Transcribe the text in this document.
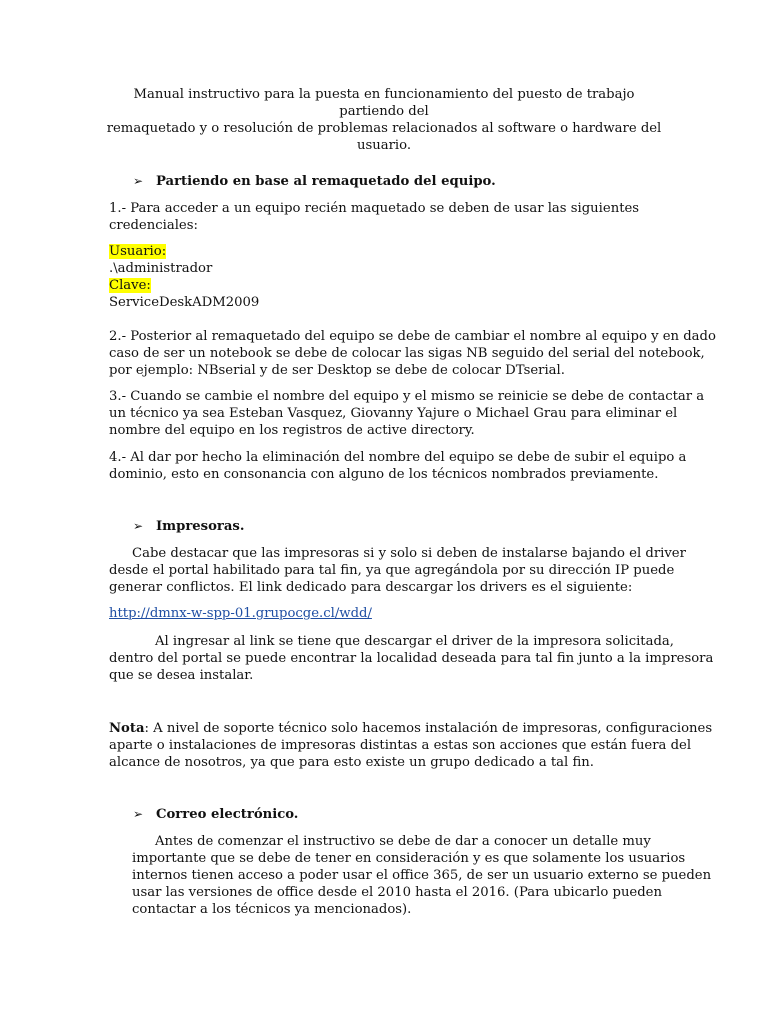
Manual instructivo para la puesta en funcionamiento del puesto de trabajo partiendo del
remaquetado y o resolución de problemas relacionados al software o hardware del
usuario.
➢ Partiendo en base al remaquetado del equipo.
1.- Para acceder a un equipo recién maquetado se deben de usar las siguientes
credenciales:
Usuario:
.\administrador
Clave:
ServiceDeskADM2009
2.- Posterior al remaquetado del equipo se debe de cambiar el nombre al equipo y en dado
caso de ser un notebook se debe de colocar las sigas NB seguido del serial del notebook,
por ejemplo: NBserial y de ser Desktop se debe de colocar DTserial.
3.- Cuando se cambie el nombre del equipo y el mismo se reinicie se debe de contactar a
un técnico ya sea Esteban Vasquez, Giovanny Yajure o Michael Grau para eliminar el
nombre del equipo en los registros de active directory.
4.- Al dar por hecho la eliminación del nombre del equipo se debe de subir el equipo a
dominio, esto en consonancia con alguno de los técnicos nombrados previamente.
➢ Impresoras.
Cabe destacar que las impresoras si y solo si deben de instalarse bajando el driver
desde el portal habilitado para tal fin, ya que agregándola por su dirección IP puede
generar conflictos. El link dedicado para descargar los drivers es el siguiente:
http://dmnx-w-spp-01.grupocge.cl/wdd/
Al ingresar al link se tiene que descargar el driver de la impresora solicitada,
dentro del portal se puede encontrar la localidad deseada para tal fin junto a la impresora
que se desea instalar.
Nota: A nivel de soporte técnico solo hacemos instalación de impresoras, configuraciones
aparte o instalaciones de impresoras distintas a estas son acciones que están fuera del
alcance de nosotros, ya que para esto existe un grupo dedicado a tal fin.
➢ Correo electrónico.
Antes de comenzar el instructivo se debe de dar a conocer un detalle muy
importante que se debe de tener en consideración y es que solamente los usuarios
internos tienen acceso a poder usar el office 365, de ser un usuario externo se pueden
usar las versiones de office desde el 2010 hasta el 2016. (Para ubicarlo pueden
contactar a los técnicos ya mencionados).
